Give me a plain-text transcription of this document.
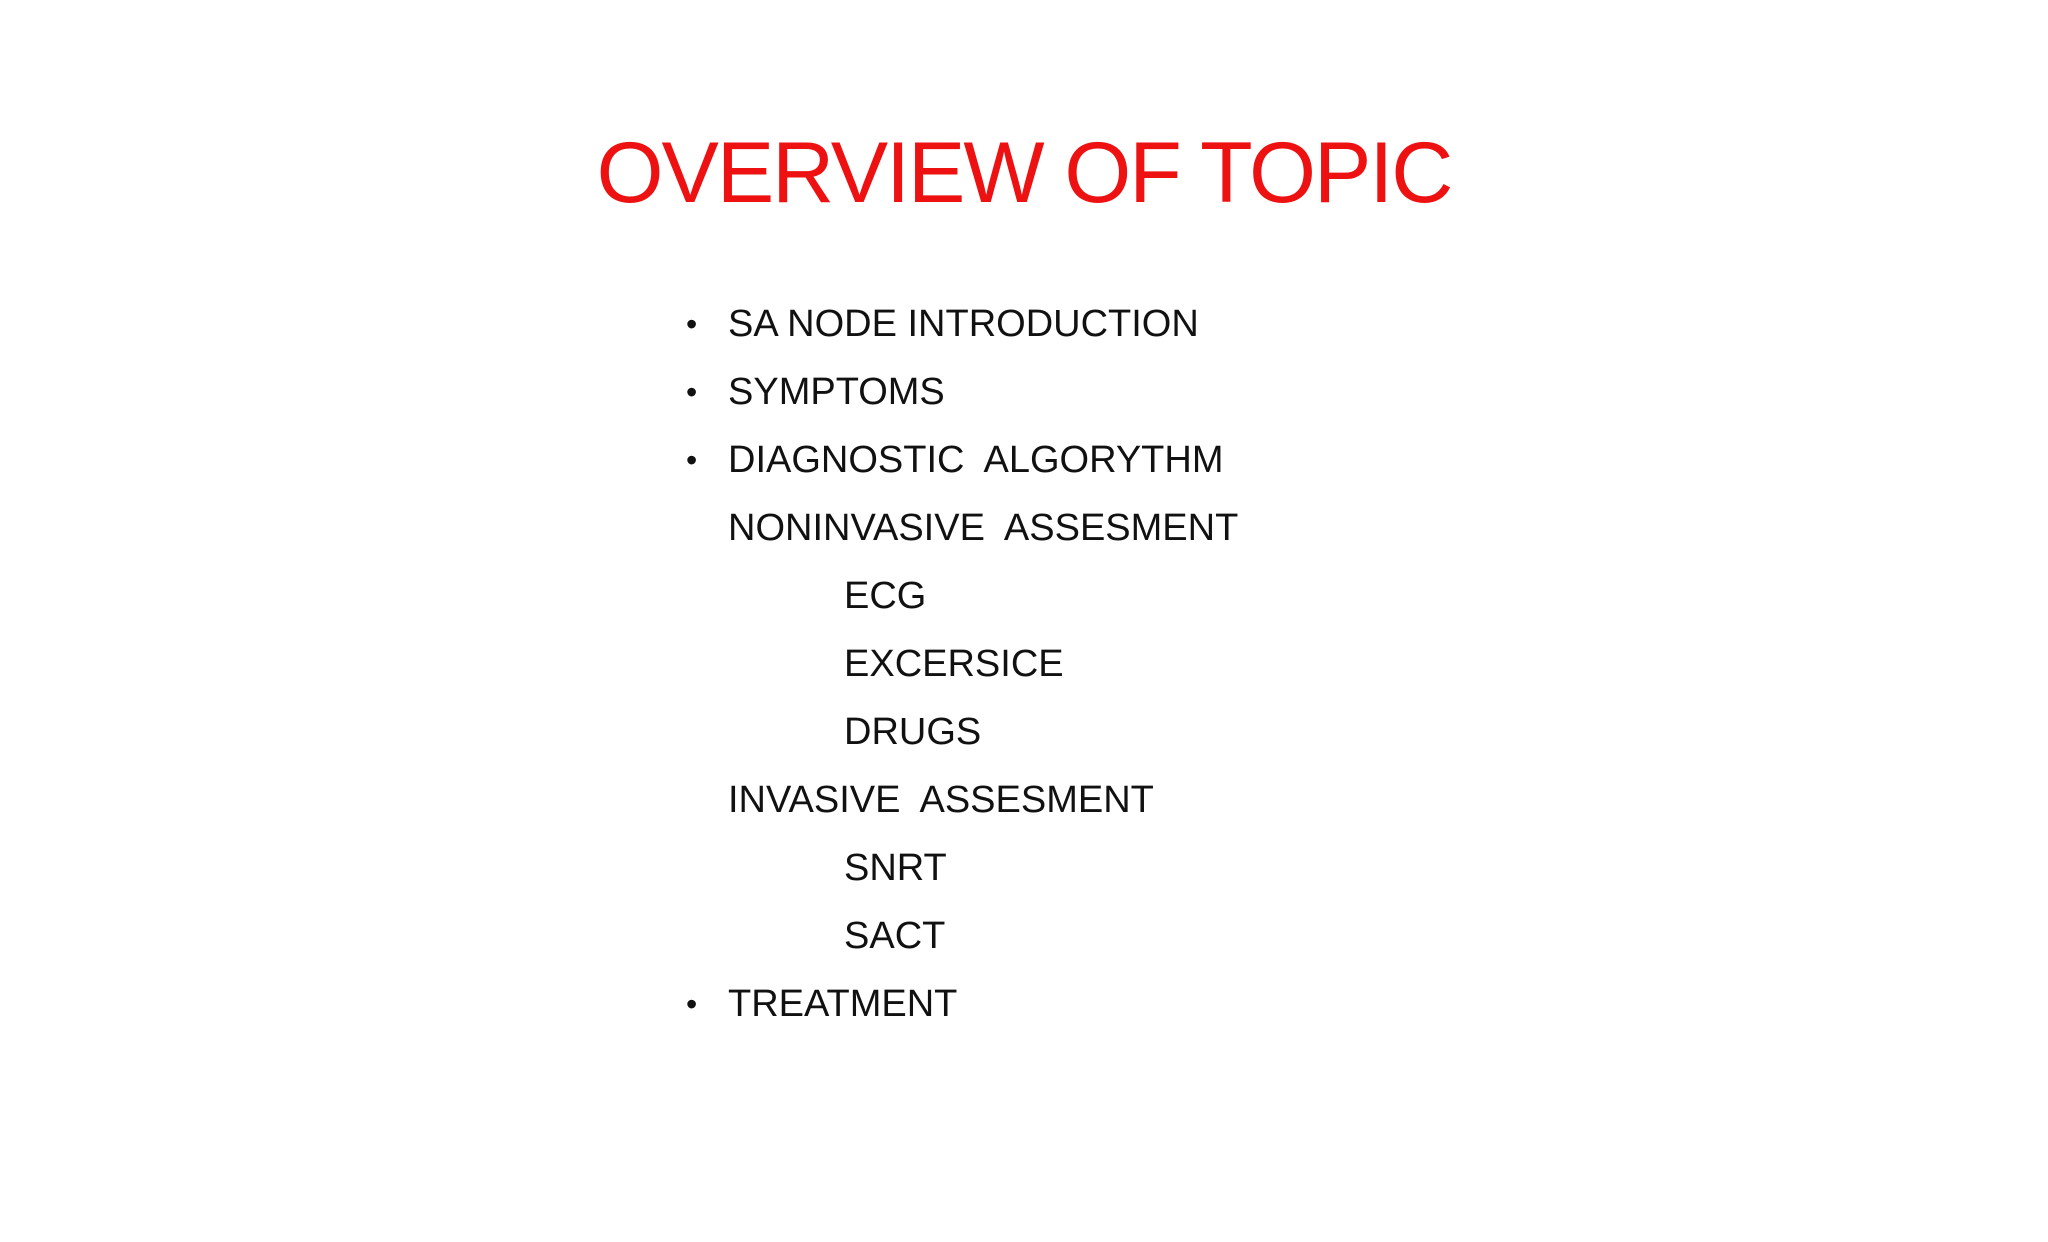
OVERVIEW OF TOPIC

•

SA NODE INTRODUCTION

•

SYMPTOMS

•

DIAGNOSTIC  ALGORYTHM

NONINVASIVE  ASSESMENT

ECG

EXCERSICE

DRUGS

INVASIVE  ASSESMENT

SNRT

SACT

•

TREATMENT
